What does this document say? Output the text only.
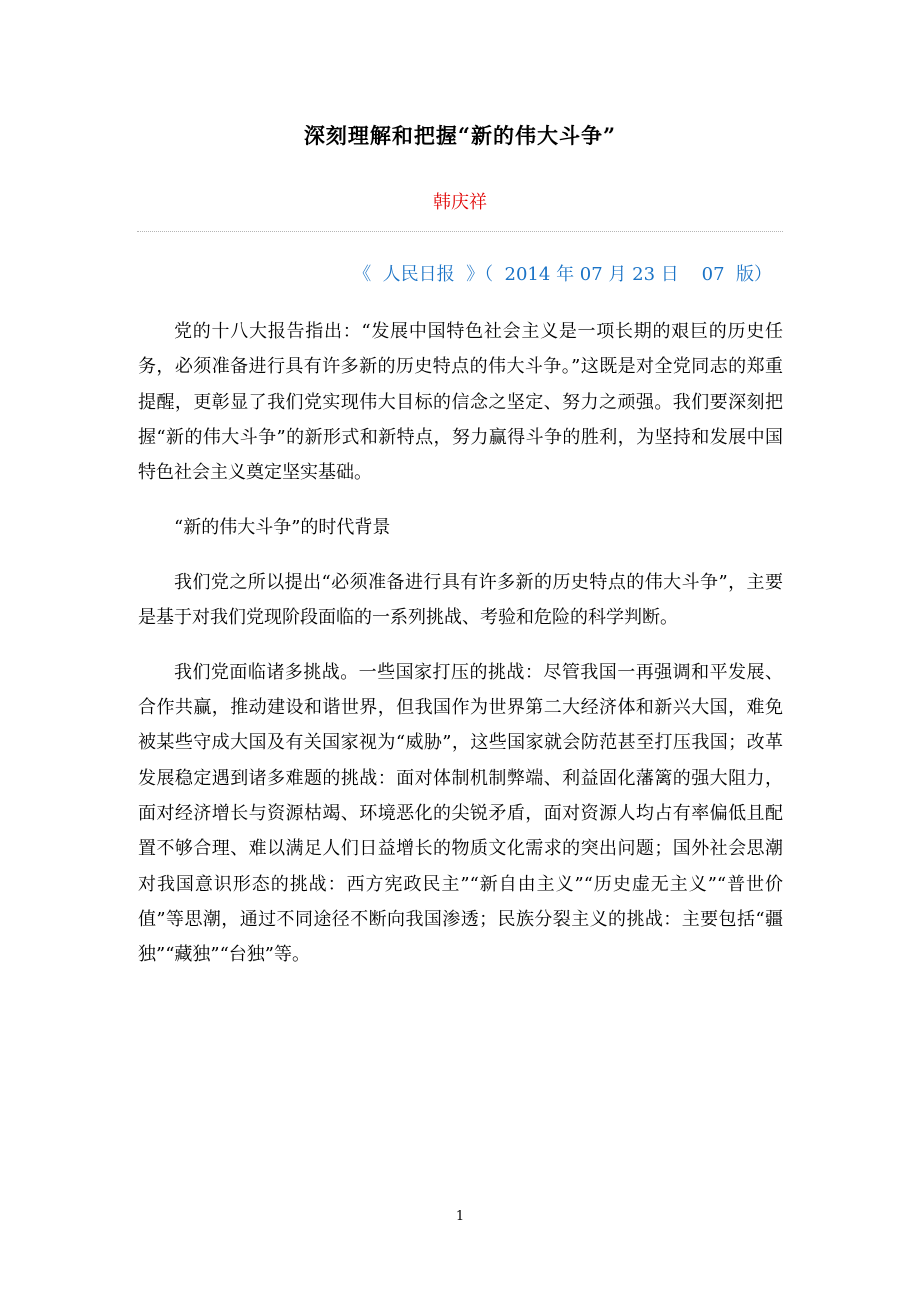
深刻理解和把握“新的伟大斗争”
韩庆祥
《  人民日报  》（  2014 年 07 月 23 日    07  版）

党的十八大报告指出：“发展中国特色社会主义是一项长期的艰巨的历史任务，必须准备进行具有许多新的历史特点的伟大斗争。”这既是对全党同志的郑重提醒，更彰显了我们党实现伟大目标的信念之坚定、努力之顽强。我们要深刻把握“新的伟大斗争”的新形式和新特点，努力赢得斗争的胜利，为坚持和发展中国特色社会主义奠定坚实基础。

“新的伟大斗争”的时代背景

我们党之所以提出“必须准备进行具有许多新的历史特点的伟大斗争”，主要是基于对我们党现阶段面临的一系列挑战、考验和危险的科学判断。

我们党面临诸多挑战。一些国家打压的挑战：尽管我国一再强调和平发展、合作共赢，推动建设和谐世界，但我国作为世界第二大经济体和新兴大国，难免被某些守成大国及有关国家视为“威胁”，这些国家就会防范甚至打压我国；改革发展稳定遇到诸多难题的挑战：面对体制机制弊端、利益固化藩篱的强大阻力，面对经济增长与资源枯竭、环境恶化的尖锐矛盾，面对资源人均占有率偏低且配置不够合理、难以满足人们日益增长的物质文化需求的突出问题；国外社会思潮对我国意识形态的挑战：西方宪政民主”“新自由主义”“历史虚无主义”“普世价值”等思潮，通过不同途径不断向我国渗透；民族分裂主义的挑战：主要包括“疆独”“藏独”“台独”等。

1
